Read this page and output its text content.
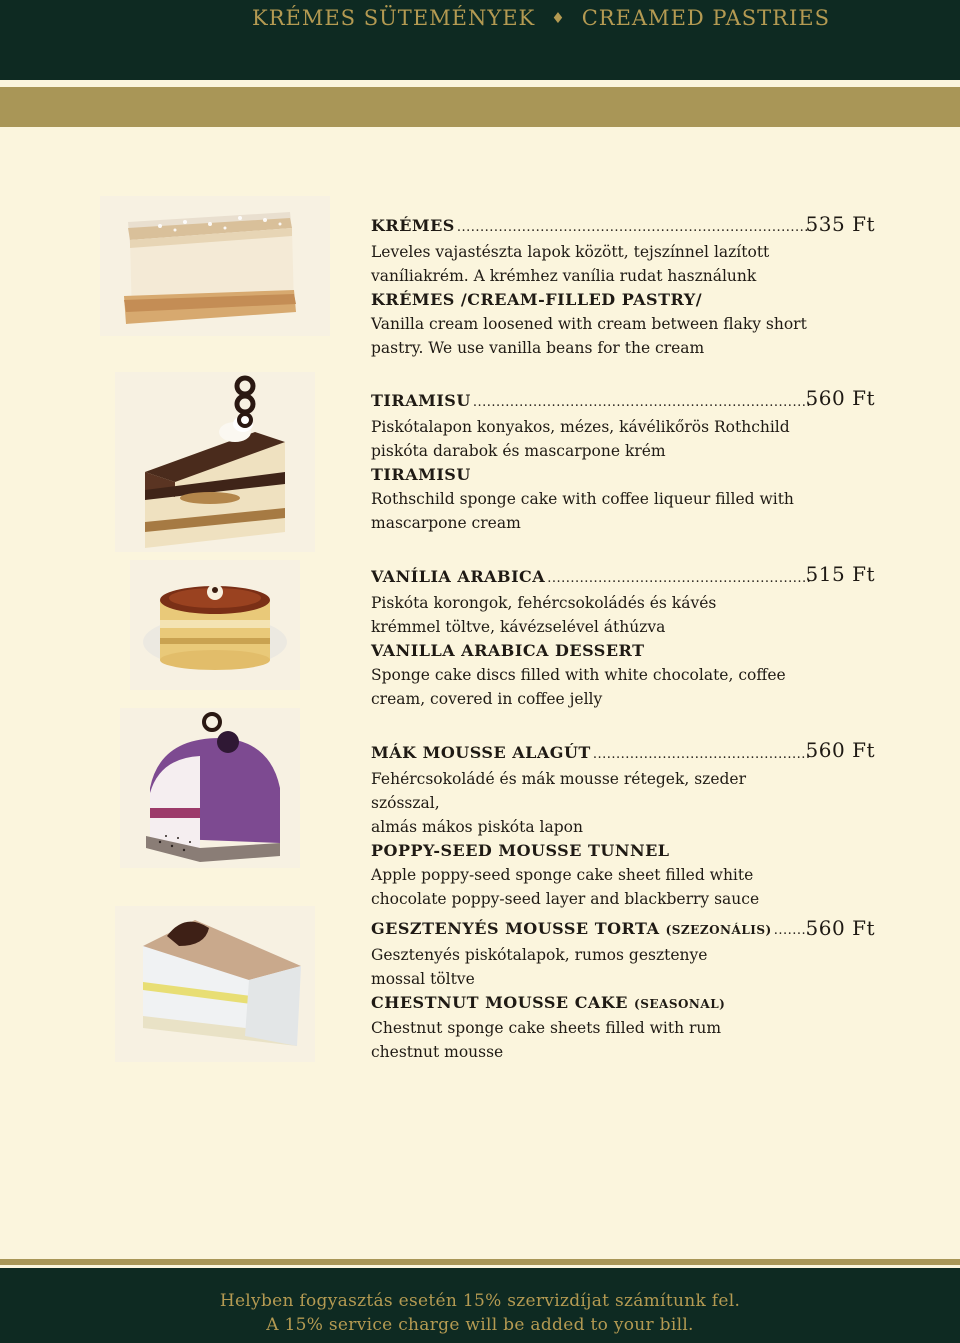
KRÉMES SÜTEMÉNYEK ♦ CREAMED PASTRIES
535 Ft
KRÉMES
.....
Leveles vajastészta lapok között, tejszínnel lazított
vaníliakrém. A krémhez vanília rudat használunk
KRÉMES /CREAM-FILLED PASTRY/
Vanilla cream loosened with cream between flaky short
pastry. We use vanilla beans for the cream
560 Ft
TIRAMISU
.....
Piskótalapon konyakos, mézes, kávélikőrös Rothchild
piskóta darabok és mascarpone krém
TIRAMISU
Rothschild sponge cake with coffee liqueur filled with
mascarpone cream
515 Ft
VANÍLIA ARABICA
.....
Piskóta korongok, fehércsokoládés és kávés
krémmel töltve, kávézselével áthúzva
VANILLA ARABICA DESSERT
Sponge cake discs filled with white chocolate, coffee
cream, covered in coffee jelly
560 Ft
MÁK MOUSSE ALAGÚT
.....
Fehércsokoládé és mák mousse rétegek, szeder szósszal,
almás mákos piskóta lapon
POPPY-SEED MOUSSE TUNNEL
Apple poppy-seed sponge cake sheet filled white
chocolate poppy-seed layer and blackberry sauce
560 Ft
GESZTENYÉS MOUSSE TORTA (SZEZONÁLIS)
.....
Gesztenyés piskótalapok, rumos gesztenye
mossal töltve
CHESTNUT MOUSSE CAKE (SEASONAL)
Chestnut sponge cake sheets filled with rum
chestnut mousse

Helyben fogyasztás esetén 15% szervizdíjat számítunk fel.

A 15% service charge will be added to your bill.
